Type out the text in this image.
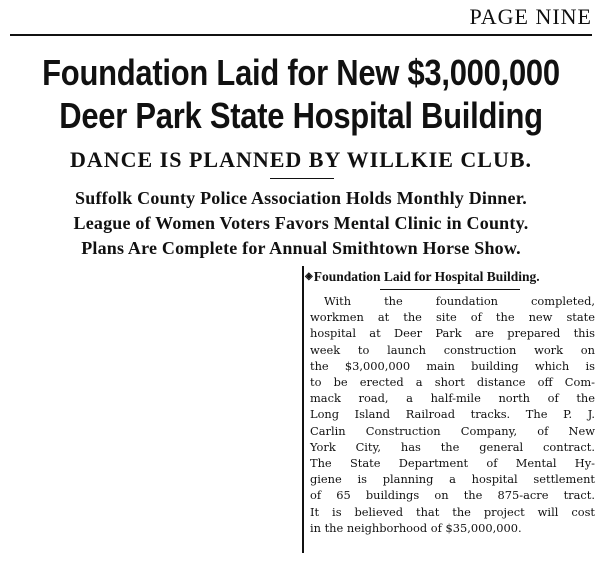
PAGE NINE
Foundation Laid for New $3,000,000
Deer Park State Hospital Building
DANCE IS PLANNED BY WILLKIE CLUB.
Suffolk County Police Association Holds Monthly Dinner.
League of Women Voters Favors Mental Clinic in County.
Plans Are Complete for Annual Smithtown Horse Show.
◈Foundation Laid for Hospital Building.
With the foundation completed,
workmen at the site of the new state
hospital at Deer Park are prepared this
week to launch construction work on
the $3,000,000 main building which is
to be erected a short distance off Com-
mack road, a half-mile north of the
Long Island Railroad tracks. The P. J.
Carlin Construction Company, of New
York City, has the general contract.
The State Department of Mental Hy-
giene is planning a hospital settlement
of 65 buildings on the 875-acre tract.
It is believed that the project will cost
in the neighborhood of $35,000,000.
